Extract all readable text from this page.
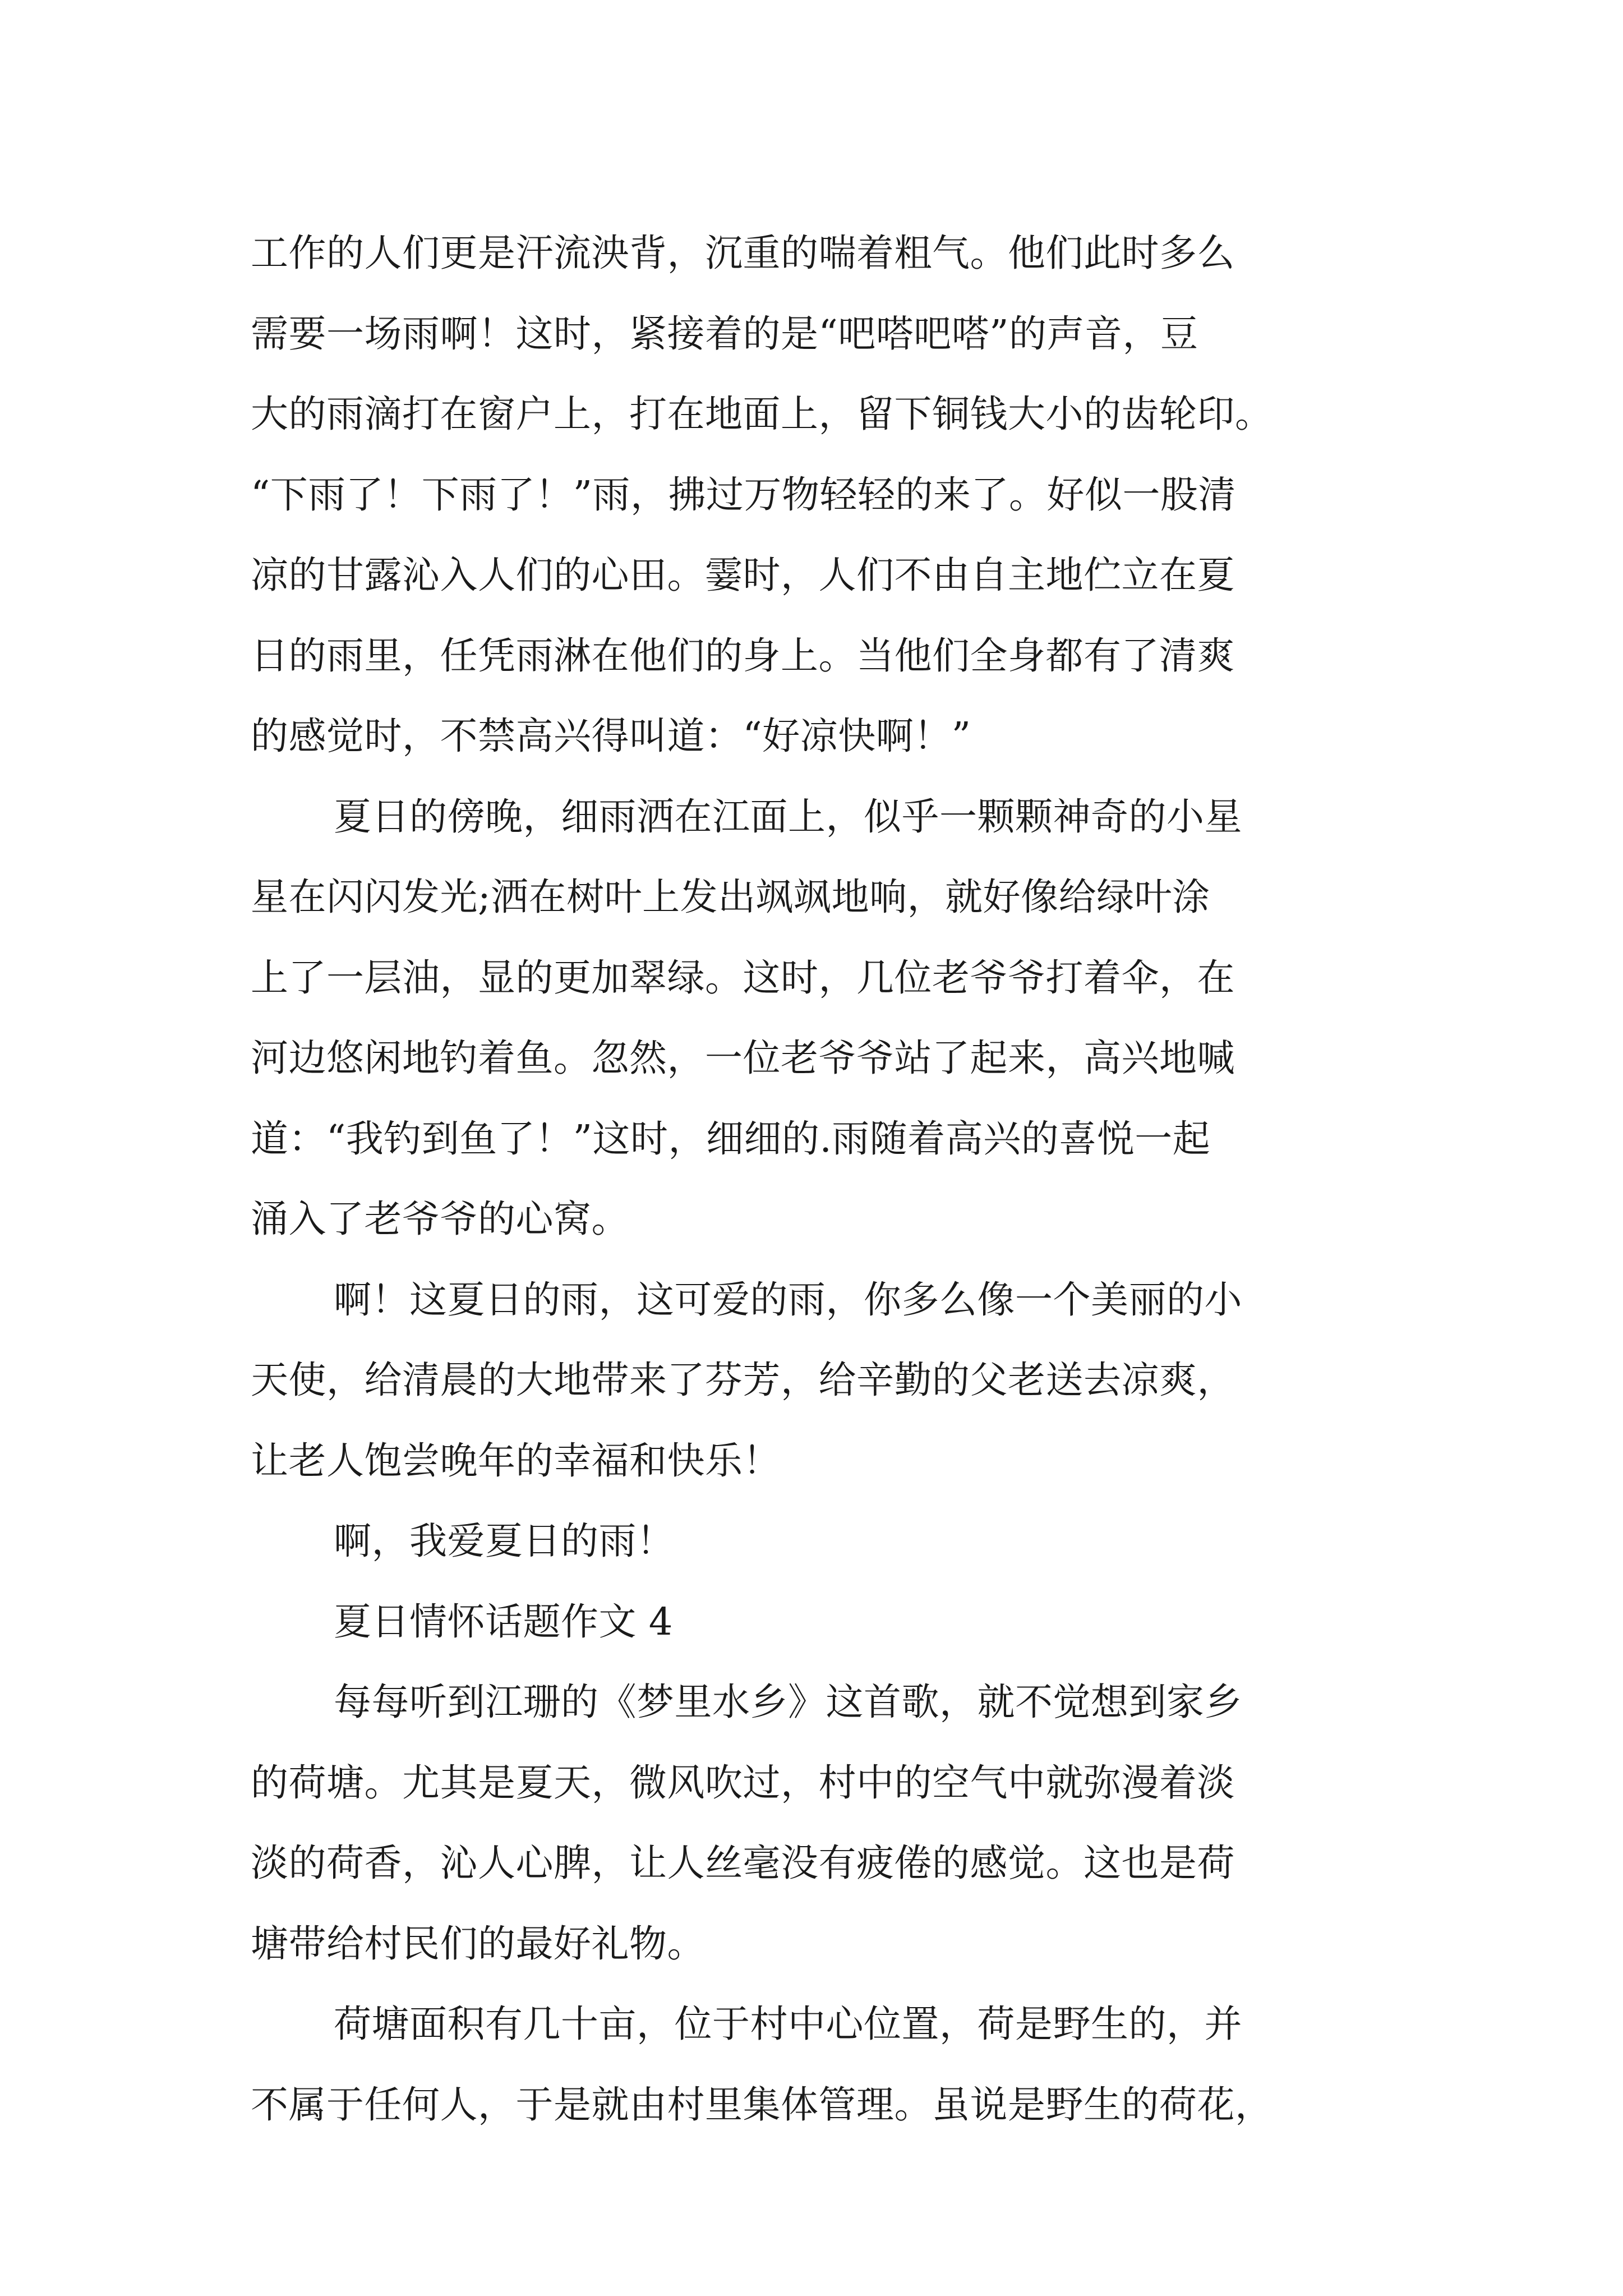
工作的人们更是汗流泱背，沉重的喘着粗气。他们此时多么
需要一场雨啊！这时，紧接着的是“吧嗒吧嗒”的声音，豆
大的雨滴打在窗户上，打在地面上，留下铜钱大小的齿轮印。
“下雨了！下雨了！”雨，拂过万物轻轻的来了。好似一股清
凉的甘露沁入人们的心田。霎时，人们不由自主地伫立在夏
日的雨里，任凭雨淋在他们的身上。当他们全身都有了清爽
的感觉时，不禁高兴得叫道：“好凉快啊！”
夏日的傍晚，细雨洒在江面上，似乎一颗颗神奇的小星
星在闪闪发光;洒在树叶上发出飒飒地响，就好像给绿叶涂
上了一层油，显的更加翠绿。这时，几位老爷爷打着伞，在
河边悠闲地钓着鱼。忽然，一位老爷爷站了起来，高兴地喊
道：“我钓到鱼了！”这时，细细的.雨随着高兴的喜悦一起
涌入了老爷爷的心窝。
啊！这夏日的雨，这可爱的雨，你多么像一个美丽的小
天使，给清晨的大地带来了芬芳，给辛勤的父老送去凉爽，
让老人饱尝晚年的幸福和快乐！
啊，我爱夏日的雨！
夏日情怀话题作文 4
每每听到江珊的《梦里水乡》这首歌，就不觉想到家乡
的荷塘。尤其是夏天，微风吹过，村中的空气中就弥漫着淡
淡的荷香，沁人心脾，让人丝毫没有疲倦的感觉。这也是荷
塘带给村民们的最好礼物。
荷塘面积有几十亩，位于村中心位置，荷是野生的，并
不属于任何人，于是就由村里集体管理。虽说是野生的荷花，
